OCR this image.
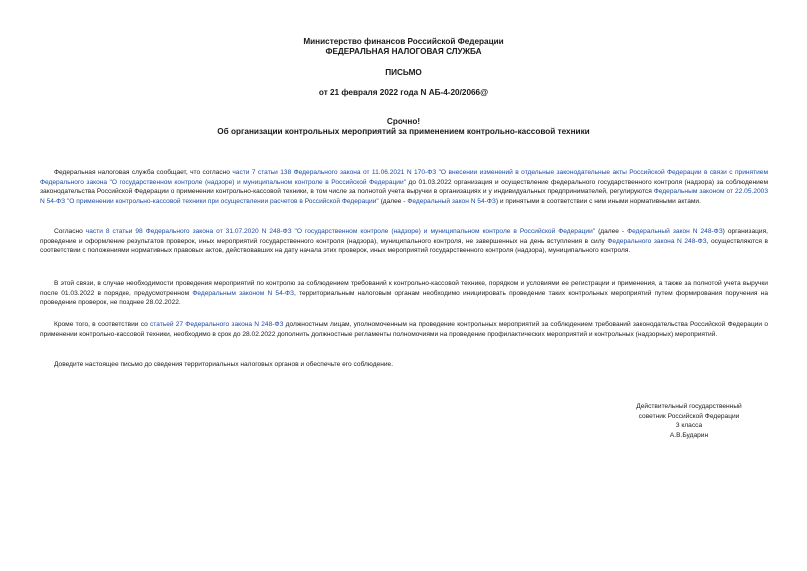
Министерство финансов Российской Федерации
ФЕДЕРАЛЬНАЯ НАЛОГОВАЯ СЛУЖБА
ПИСЬМО
от 21 февраля 2022 года N АБ-4-20/2066@
Срочно!
Об организации контрольных мероприятий за применением контрольно-кассовой техники
Федеральная налоговая служба сообщает, что согласно части 7 статьи 138 Федерального закона от 11.06.2021 N 170-ФЗ "О внесении изменений в отдельные законодательные акты Российской Федерации в связи с принятием Федерального закона "О государственном контроле (надзоре) и муниципальном контроле в Российской Федерации" до 01.03.2022 организация и осуществление федерального государственного контроля (надзора) за соблюдением законодательства Российской Федерации о применении контрольно-кассовой техники, в том числе за полнотой учета выручки в организациях и у индивидуальных предпринимателей, регулируются Федеральным законом от 22.05.2003 N 54-ФЗ "О применении контрольно-кассовой техники при осуществлении расчетов в Российской Федерации" (далее - Федеральный закон N 54-ФЗ) и принятыми в соответствии с ним иными нормативными актами.
Согласно части 8 статьи 98 Федерального закона от 31.07.2020 N 248-ФЗ "О государственном контроле (надзоре) и муниципальном контроле в Российской Федерации" (далее - Федеральный закон N 248-ФЗ) организация, проведение и оформление результатов проверок, иных мероприятий государственного контроля (надзора), муниципального контроля, не завершенных на день вступления в силу Федерального закона N 248-ФЗ, осуществляются в соответствии с положениями нормативных правовых актов, действовавших на дату начала этих проверок, иных мероприятий государственного контроля (надзора), муниципального контроля.
В этой связи, в случае необходимости проведения мероприятий по контролю за соблюдением требований к контрольно-кассовой технике, порядком и условиями ее регистрации и применения, а также за полнотой учета выручки после 01.03.2022 в порядке, предусмотренном Федеральным законом N 54-ФЗ, территориальным налоговым органам необходимо инициировать проведение таких контрольных мероприятий путем формирования поручения на проведение проверок, не позднее 28.02.2022.
Кроме того, в соответствии со статьей 27 Федерального закона N 248-ФЗ должностным лицам, уполномоченным на проведение контрольных мероприятий за соблюдением требований законодательства Российской Федерации о применении контрольно-кассовой техники, необходимо в срок до 28.02.2022 дополнить должностные регламенты полномочиями на проведение профилактических мероприятий и контрольных (надзорных) мероприятий.
Доведите настоящее письмо до сведения территориальных налоговых органов и обеспечьте его соблюдение.
Действительный государственный
советник Российской Федерации
3 класса
А.В.Бударин
